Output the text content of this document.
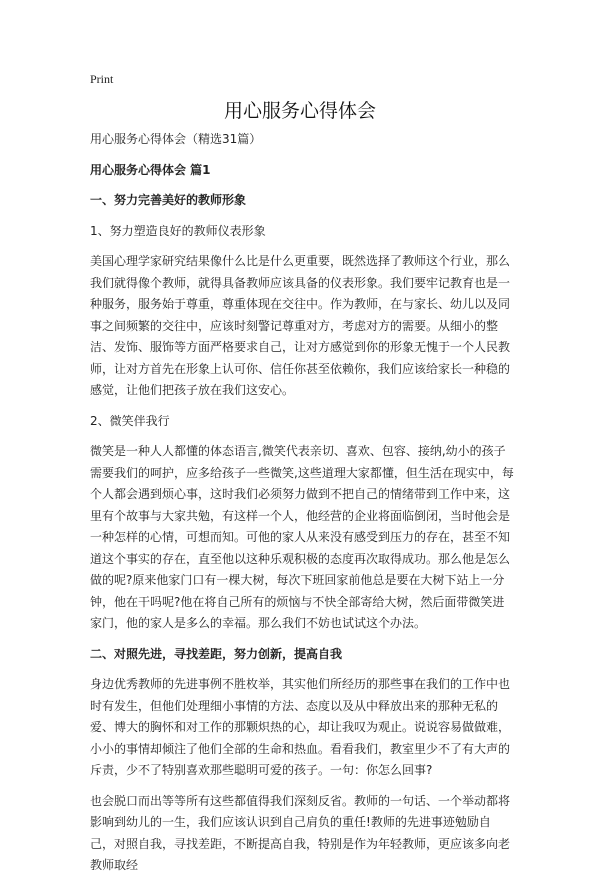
Print
用心服务心得体会

用心服务心得体会（精选31篇）

用心服务心得体会 篇1

一、努力完善美好的教师形象

1、努力塑造良好的教师仪表形象

美国心理学家研究结果像什么比是什么更重要，既然选择了教师这个行业，那么我们就得像个教师，就得具备教师应该具备的仪表形象。我们要牢记教育也是一种服务，服务始于尊重，尊重体现在交往中。作为教师，在与家长、幼儿以及同事之间频繁的交往中，应该时刻警记尊重对方，考虑对方的需要。从细小的整洁、发饰、服饰等方面严格要求自己，让对方感觉到你的形象无愧于一个人民教师，让对方首先在形象上认可你、信任你甚至依赖你，我们应该给家长一种稳的感觉，让他们把孩子放在我们这安心。

2、微笑伴我行

微笑是一种人人都懂的体态语言,微笑代表亲切、喜欢、包容、接纳,幼小的孩子需要我们的呵护，应多给孩子一些微笑,这些道理大家都懂，但生活在现实中，每个人都会遇到烦心事，这时我们必须努力做到不把自己的情绪带到工作中来，这里有个故事与大家共勉，有这样一个人，他经营的企业将面临倒闭，当时他会是一种怎样的心情，可想而知。可他的家人从来没有感受到压力的存在，甚至不知道这个事实的存在，直至他以这种乐观积极的态度再次取得成功。那么他是怎么做的呢?原来他家门口有一棵大树，每次下班回家前他总是要在大树下站上一分钟，他在干吗呢?他在将自己所有的烦恼与不快全部寄给大树，然后面带微笑进家门，他的家人是多么的幸福。那么我们不妨也试试这个办法。

二、对照先进，寻找差距，努力创新，提高自我

身边优秀教师的先进事例不胜枚举，其实他们所经历的那些事在我们的工作中也时有发生，但他们处理细小事情的方法、态度以及从中释放出来的那种无私的爱、博大的胸怀和对工作的那颗炽热的心，却让我叹为观止。说说容易做做难，小小的事情却倾注了他们全部的生命和热血。看看我们，教室里少不了有大声的斥责，少不了特别喜欢那些聪明可爱的孩子。一句：你怎么回事?

也会脱口而出等等所有这些都值得我们深刻反省。教师的一句话、一个举动都将影响到幼儿的一生，我们应该认识到自己肩负的重任!教师的先进事迹勉励自己，对照自我，寻找差距，不断提高自我，特别是作为年轻教师，更应该多向老教师取经
